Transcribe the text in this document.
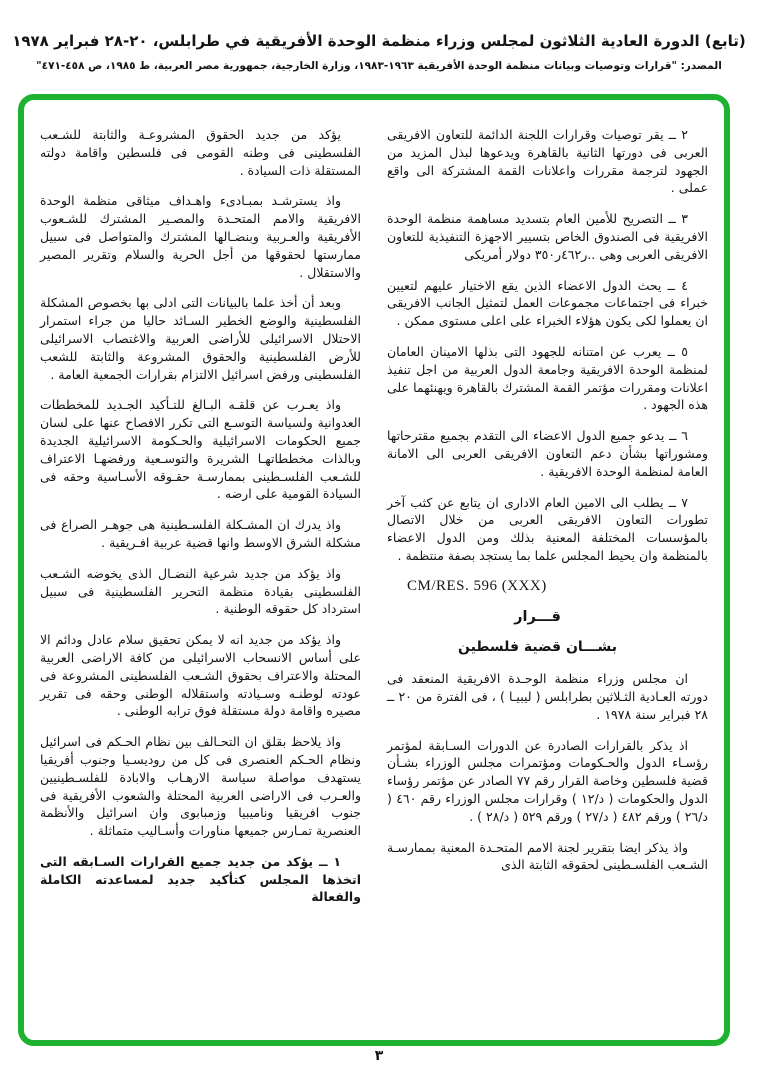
(تابع) الدورة العادية الثلاثون لمجلس وزراء منظمة الوحدة الأفريقية في طرابلس، ٢٠-٢٨ فبراير ١٩٧٨
المصدر: "قرارات وتوصيات وبيانات منظمة الوحدة الأفريقية ١٩٦٣-١٩٨٣، وزارة الخارجية، جمهورية مصر العربية، ط ١٩٨٥، ص ٤٥٨-٤٧١"

٢ ــ يقر توصيات وقرارات اللجنة الدائمة للتعاون الافريقى العربى فى دورتها الثانية بالقاهرة ويدعوها لبذل المزيد من الجهود لترجمة مقررات واعلانات القمة المشتركة الى واقع عملى .

٣ ــ التصريح للأمين العام بتسديد مساهمة منظمة الوحدة الافريقية فى الصندوق الخاص بتسيير الاجهزة التنفيذية للتعاون الافريقى العربى وهى ..ر٤٦٢ر٣٥٠ دولار أمريكى

٤ ــ يحث الدول الاعضاء الذين يقع الاختيار عليهم لتعيين خبراء فى اجتماعات مجموعات العمل لتمثيل الجانب الافريقى ان يعملوا لكى يكون هؤلاء الخبراء على اعلى مستوى ممكن .

٥ ــ يعرب عن امتنانه للجهود التى بذلها الامينان العامان لمنظمة الوحدة الافريقية وجامعة الدول العربية من اجل تنفيذ اعلانات ومقررات مؤتمر القمة المشترك بالقاهرة ويهنئهما على هذه الجهود .

٦ ــ يدعو جميع الدول الاعضاء الى التقدم بجميع مقترحاتها ومشوراتها بشأن دعم التعاون الافريقى العربى الى الامانة العامة لمنظمة الوحدة الافريقية .

٧ ــ يطلب الى الامين العام الادارى ان يتابع عن كثب آخر تطورات التعاون الافريقى العربى من خلال الاتصال بالمؤسسات المختلفة المعنية بذلك ومن الدول الاعضاء بالمنظمة وان يحيط المجلس علما بما يستجد بصفة منتظمة .

CM/RES. 596 (XXX)

قـــرار

بشـــان قضية فلسطين

ان مجلس وزراء منظمة الوحـدة الافريقية المنعقد فى دورته العـادية الثـلاثين بطرابلس ( ليبيـا ) ، فى الفترة من ٢٠ ــ ٢٨ فبراير سنة ١٩٧٨ .

اذ يذكر بالقرارات الصادرة عن الدورات السـابقة لمؤتمر رؤسـاء الدول والحـكومات ومؤتمرات مجلس الوزراء بشـأن قضية فلسطين وخاصة القرار رقم ٧٧ الصادر عن مؤتمر رؤساء الدول والحكومات ( د/١٢ ) وقرارات مجلس الوزراء رقم ٤٦٠ ( د/٢٦ ) ورقم ٤٨٢ ( د/٢٧ ) ورقم ٥٢٩ ( د/٢٨ ) .

واذ يذكر ايضا بتقرير لجنة الامم المتحـدة المعنية بممارسـة الشـعب الفلسـطينى لحقوقه الثابتة الذى

يؤكد من جديد الحقوق المشروعـة والثابتة للشـعب الفلسطينى فى وطنه القومى فى فلسطين واقامة دولته المستقلة ذات السيادة .

واذ يسترشـد بمبـادىء واهـداف ميثاقى منظمة الوحدة الافريقية والامم المتحـدة والمصـير المشترك للشـعوب الأفريقية والعـربية وبنضـالها المشترك والمتواصل فى سبيل ممارستها لحقوقها من أجل الحرية والسلام وتقرير المصير والاستقلال .

وبعد أن أخذ علما بالبيانات التى ادلى بها بخصوص المشكلة الفلسطينية والوضع الخطير السـائد حاليا من جراء استمرار الاحتلال الاسرائيلى للأراضى العربية والاغتصاب الاسرائيلى للأرض الفلسطينية والحقوق المشروعة والثابتة للشعب الفلسطينى ورفض اسرائيل الالتزام بقرارات الجمعية العامة .

واذ يعـرب عن قلقـه البـالغ للتـأكيد الجـديد للمخططات العدوانية ولسياسة التوسـع التى تكرر الافصاح عنها على لسان جميع الحكومات الاسرائيلية والحـكومة الاسرائيلية الجديدة وبالذات مخططاتهـا الشريرة والتوسـعية ورفضهـا الاعتراف للشـعب الفلسـطينى بممارسـة حقـوقه الأسـاسية وحقه فى السيادة القومية على ارضه .

واذ يدرك ان المشـكلة الفلسـطينية هى جوهـر الصراع فى مشكلة الشرق الاوسط وانها قضية عربية افـريقية .

واذ يؤكد من جديد شرعية النضـال الذى يخوضه الشـعب الفلسطينى بقيادة منظمة التحرير الفلسطينية فى سبيل استرداد كل حقوقه الوطنية .

واذ يؤكد من جديد انه لا يمكن تحقيق سلام عادل ودائم الا على أساس الانسحاب الاسرائيلى من كافة الاراضى العربية المحتلة والاعتراف بحقوق الشـعب الفلسطينى المشروعة فى عودته لوطنـه وسـيادته واستقلاله الوطنى وحقه فى تقرير مصيره واقامة دولة مستقلة فوق ترابه الوطنى .

واذ يلاحظ بقلق ان التحـالف بين نظام الحـكم فى اسرائيل ونظام الحـكم العنصرى فى كل من روديسـيا وجنوب أفريقيا يستهدف مواصلة سياسة الارهـاب والابادة للفلسـطينيين والعـرب فى الاراضى العربية المحتلة والشعوب الأفريقية فى جنوب افريقيا وناميبيا وزمبابوى وان اسرائيل والأنظمة العنصرية تمـارس جميعها مناورات وأسـاليب متماثلة .

١ ــ يؤكد من جديد جميع القرارات السـابقه التى اتخذها المجلس كتأكيد جديد لمساعدته الكاملة والفعالة

٣
